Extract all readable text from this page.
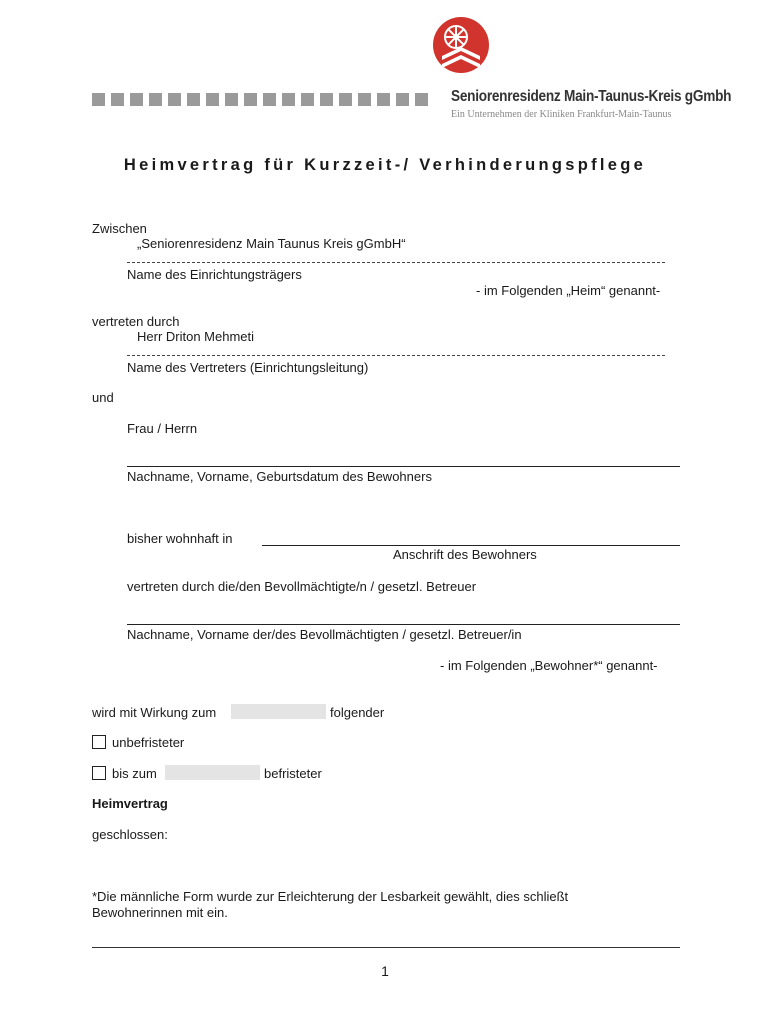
Seniorenresidenz Main-Taunus-Kreis gGmbh
Ein Unternehmen der Kliniken Frankfurt-Main-Taunus
Heimvertrag für Kurzzeit-/ Verhinderungspflege
Zwischen
„Seniorenresidenz Main Taunus Kreis gGmbH“
Name des Einrichtungsträgers
- im Folgenden „Heim“ genannt-
vertreten durch
Herr Driton Mehmeti
Name des Vertreters (Einrichtungsleitung)
und
Frau / Herrn
Nachname, Vorname, Geburtsdatum des Bewohners
bisher wohnhaft in
Anschrift des Bewohners
vertreten durch die/den Bevollmächtigte/n / gesetzl. Betreuer
Nachname, Vorname der/des Bevollmächtigten / gesetzl. Betreuer/in
- im Folgenden „Bewohner*“ genannt-
wird mit Wirkung zum	folgender
unbefristeter
bis zum	befristeter
Heimvertrag
geschlossen:
*Die männliche Form wurde zur Erleichterung der Lesbarkeit gewählt, dies schließt Bewohnerinnen mit ein.
1
